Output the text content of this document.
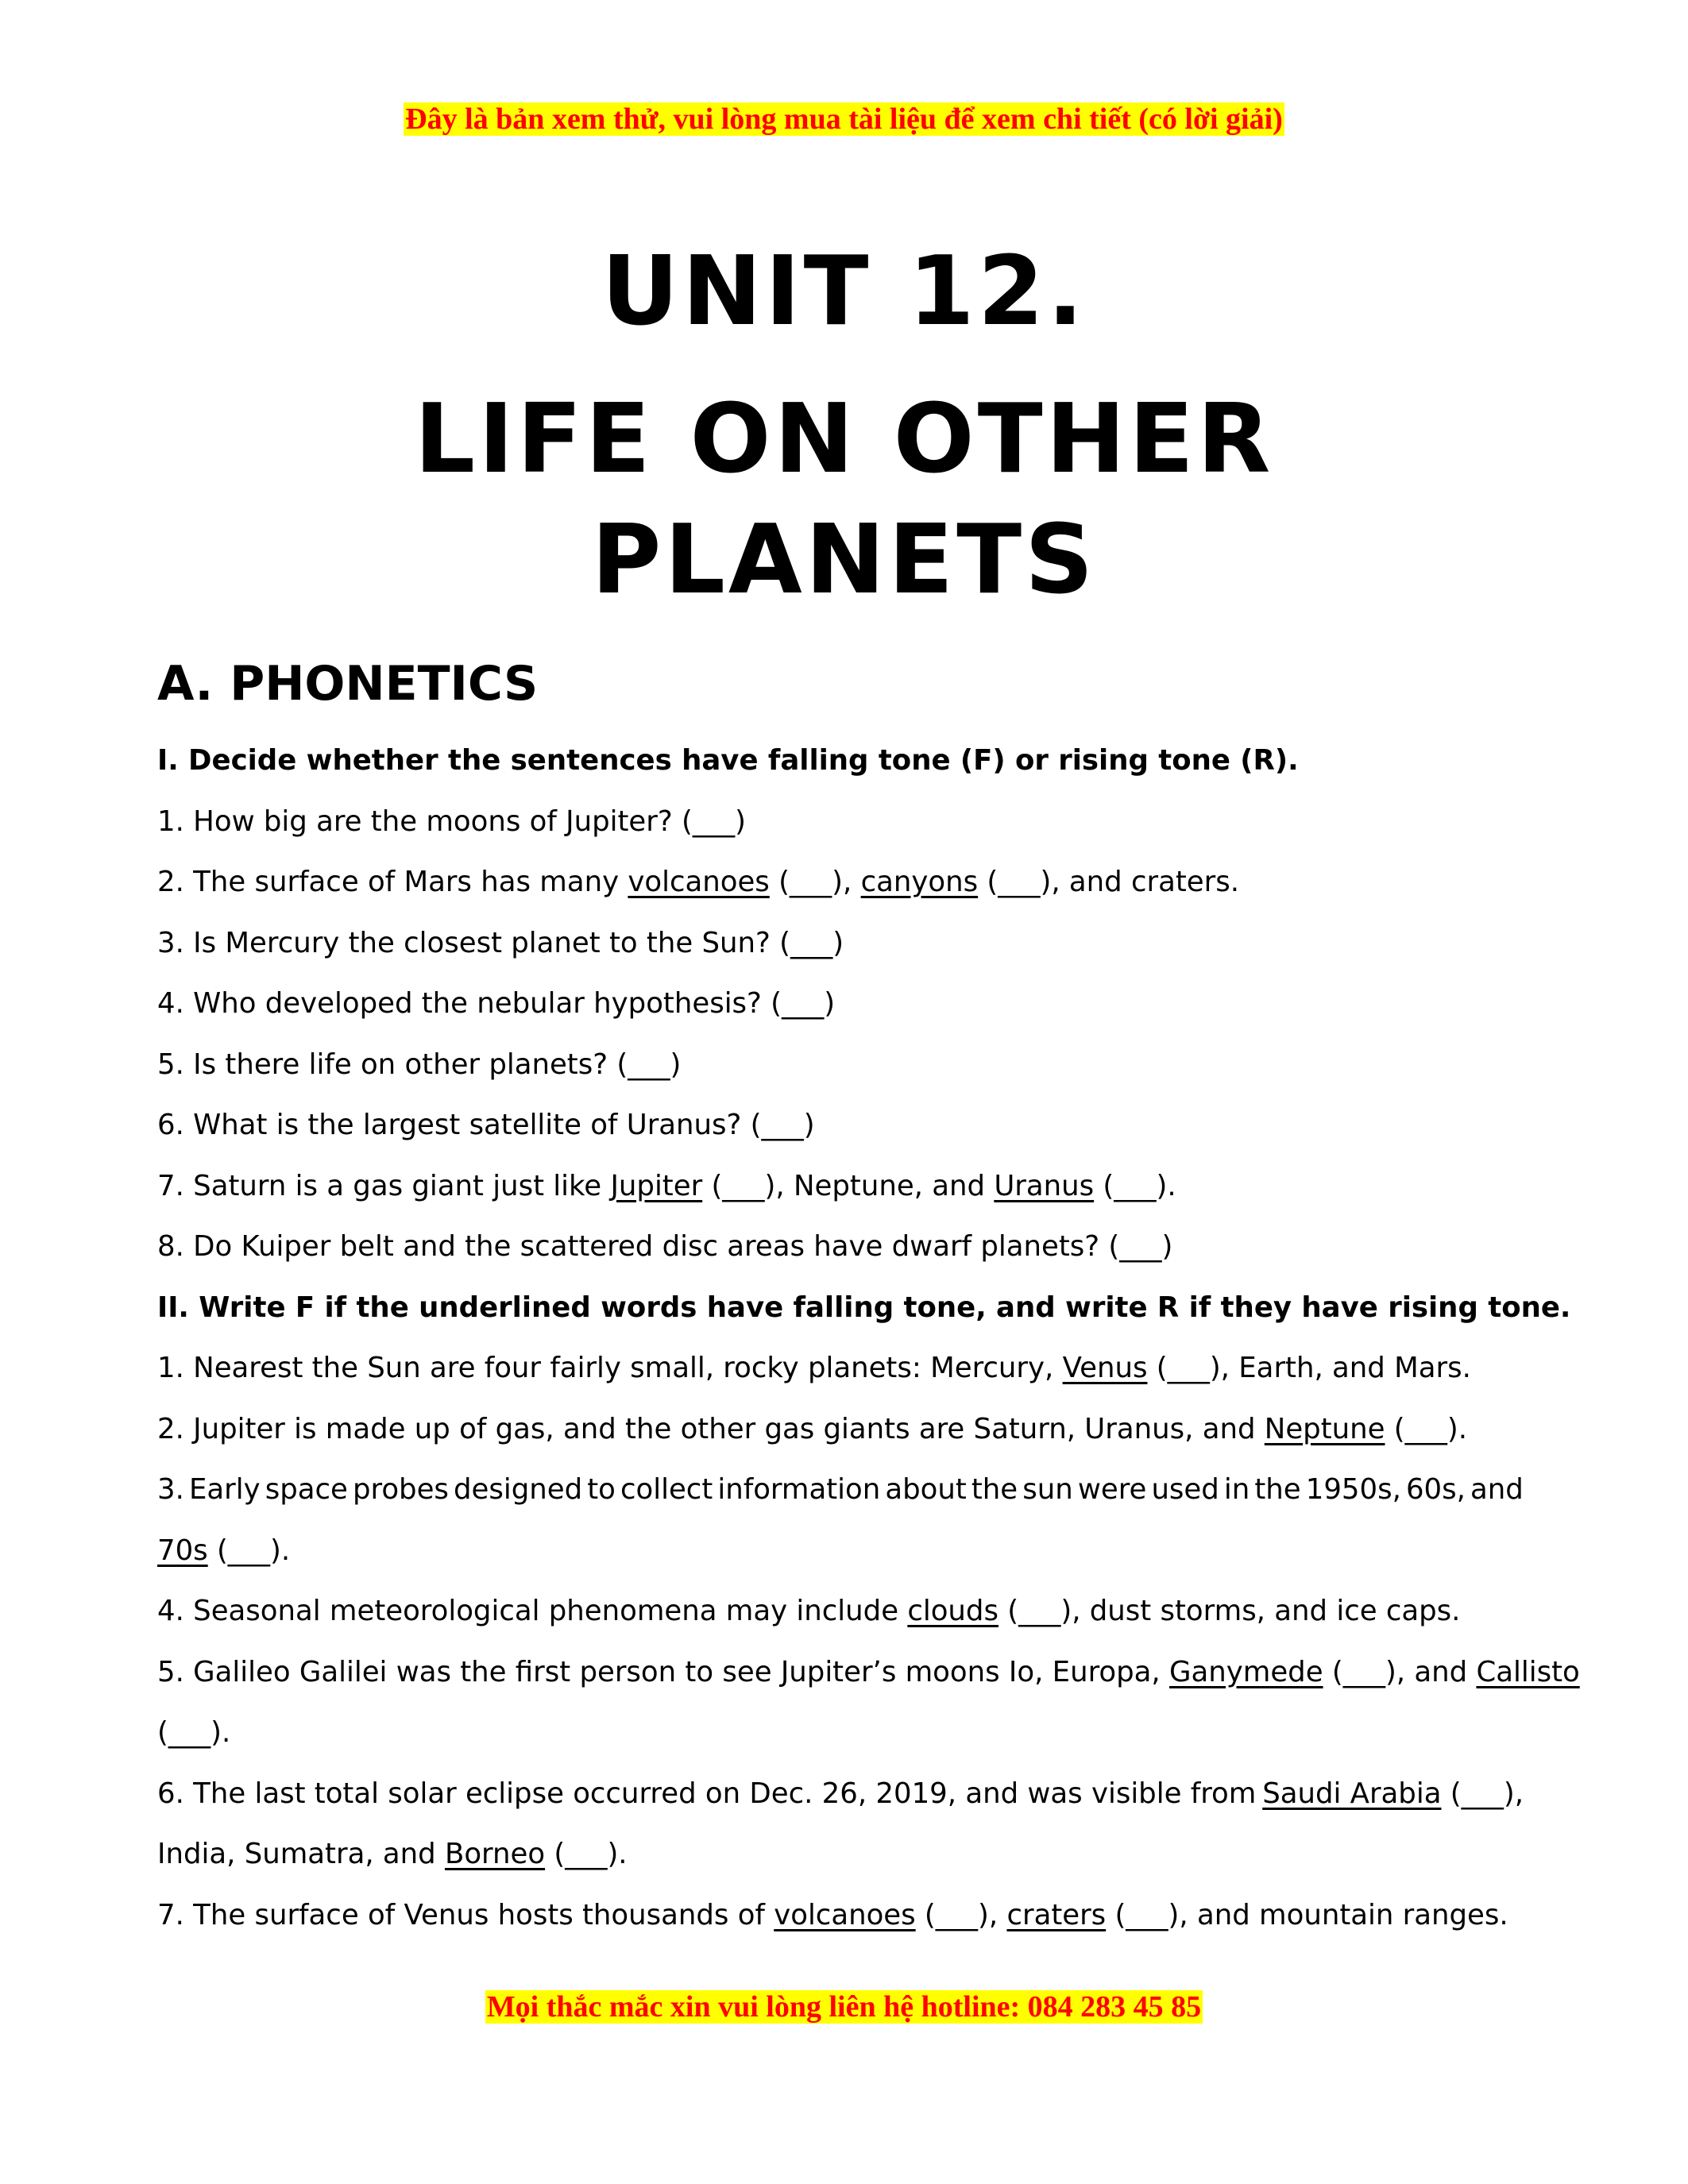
Đây là bản xem thử, vui lòng mua tài liệu để xem chi tiết (có lời giải)
UNIT 12.
LIFE ON OTHER
PLANETS
A. PHONETICS
I. Decide whether the sentences have falling tone (F) or rising tone (R).
1. How big are the moons of Jupiter? (___)
2. The surface of Mars has many volcanoes (___), canyons (___), and craters.
3. Is Mercury the closest planet to the Sun? (___)
4. Who developed the nebular hypothesis? (___)
5. Is there life on other planets? (___)
6. What is the largest satellite of Uranus? (___)
7. Saturn is a gas giant just like Jupiter (___), Neptune, and Uranus (___).
8. Do Kuiper belt and the scattered disc areas have dwarf planets? (___)
II. Write F if the underlined words have falling tone, and write R if they have rising tone.
1. Nearest the Sun are four fairly small, rocky planets: Mercury, Venus (___), Earth, and Mars.
2. Jupiter is made up of gas, and the other gas giants are Saturn, Uranus, and Neptune (___).
3. Early space probes designed to collect information about the sun were used in the 1950s, 60s, and
70s (___).
4. Seasonal meteorological phenomena may include clouds (___), dust storms, and ice caps.
5. Galileo Galilei was the first person to see Jupiter’s moons Io, Europa, Ganymede (___), and Callisto
(___).
6. The last total solar eclipse occurred on Dec. 26, 2019, and was visible from Saudi Arabia (___),
India, Sumatra, and Borneo (___).
7. The surface of Venus hosts thousands of volcanoes (___), craters (___), and mountain ranges.
Mọi thắc mắc xin vui lòng liên hệ hotline: 084 283 45 85
